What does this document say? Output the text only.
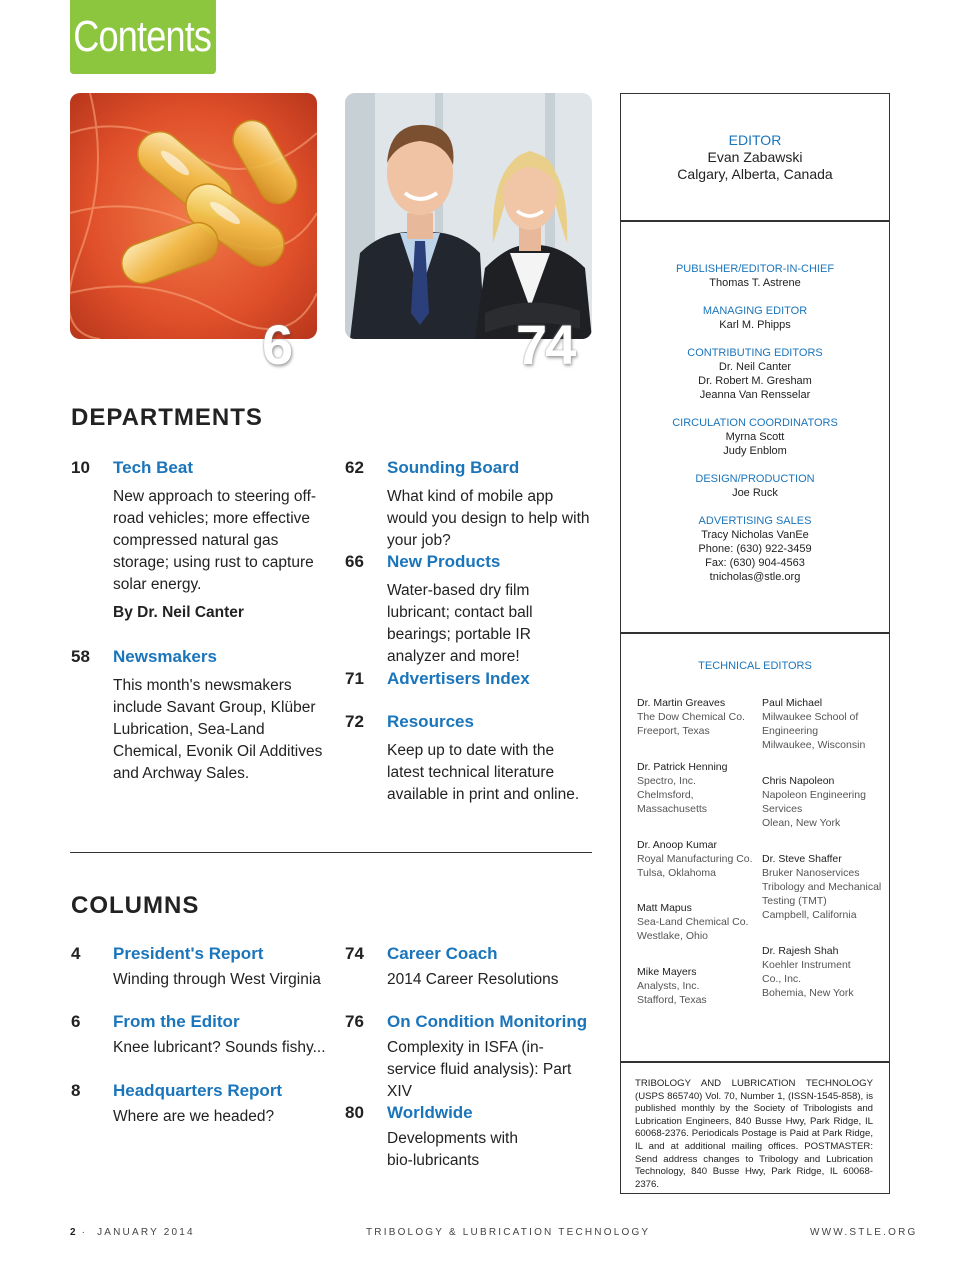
Contents
6	74
DEPARTMENTS
10 Tech Beat
New approach to steering off-road vehicles; more effective compressed natural gas storage; using rust to capture solar energy.
By Dr. Neil Canter
58 Newsmakers
This month's newsmakers include Savant Group, Klüber Lubrication, Sea-Land Chemical, Evonik Oil Additives and Archway Sales.
62 Sounding Board
What kind of mobile app would you design to help with your job?
66 New Products
Water-based dry film lubricant; contact ball bearings; portable IR analyzer and more!
71 Advertisers Index
72 Resources
Keep up to date with the latest technical literature available in print and online.
COLUMNS
4 President's Report
Winding through West Virginia
6 From the Editor
Knee lubricant? Sounds fishy...
8 Headquarters Report
Where are we headed?
74 Career Coach
2014 Career Resolutions
76 On Condition Monitoring
Complexity in ISFA (in-service fluid analysis): Part XIV
80 Worldwide
Developments with bio-lubricants
EDITOR
Evan Zabawski
Calgary, Alberta, Canada
PUBLISHER/EDITOR-IN-CHIEF
Thomas T. Astrene
MANAGING EDITOR
Karl M. Phipps
CONTRIBUTING EDITORS
Dr. Neil Canter
Dr. Robert M. Gresham
Jeanna Van Rensselar
CIRCULATION COORDINATORS
Myrna Scott
Judy Enblom
DESIGN/PRODUCTION
Joe Ruck
ADVERTISING SALES
Tracy Nicholas VanEe
Phone: (630) 922-3459
Fax: (630) 904-4563
tnicholas@stle.org
TECHNICAL EDITORS
Dr. Martin Greaves
The Dow Chemical Co.
Freeport, Texas
Dr. Patrick Henning
Spectro, Inc.
Chelmsford,
Massachusetts
Dr. Anoop Kumar
Royal Manufacturing Co.
Tulsa, Oklahoma
Matt Mapus
Sea-Land Chemical Co.
Westlake, Ohio
Mike Mayers
Analysts, Inc.
Stafford, Texas
Paul Michael
Milwaukee School of
Engineering
Milwaukee, Wisconsin
Chris Napoleon
Napoleon Engineering
Services
Olean, New York
Dr. Steve Shaffer
Bruker Nanoservices
Tribology and Mechanical
Testing (TMT)
Campbell, California
Dr. Rajesh Shah
Koehler Instrument
Co., Inc.
Bohemia, New York
TRIBOLOGY AND LUBRICATION TECHNOLOGY (USPS 865740) Vol. 70, Number 1, (ISSN-1545-858), is published monthly by the Society of Tribologists and Lubrication Engineers, 840 Busse Hwy, Park Ridge, IL 60068-2376. Periodicals Postage is Paid at Park Ridge, IL and at additional mailing offices. POSTMASTER: Send address changes to Tribology and Lubrication Technology, 840 Busse Hwy, Park Ridge, IL 60068-2376.
2 · JANUARY 2014	TRIBOLOGY & LUBRICATION TECHNOLOGY	WWW.STLE.ORG
